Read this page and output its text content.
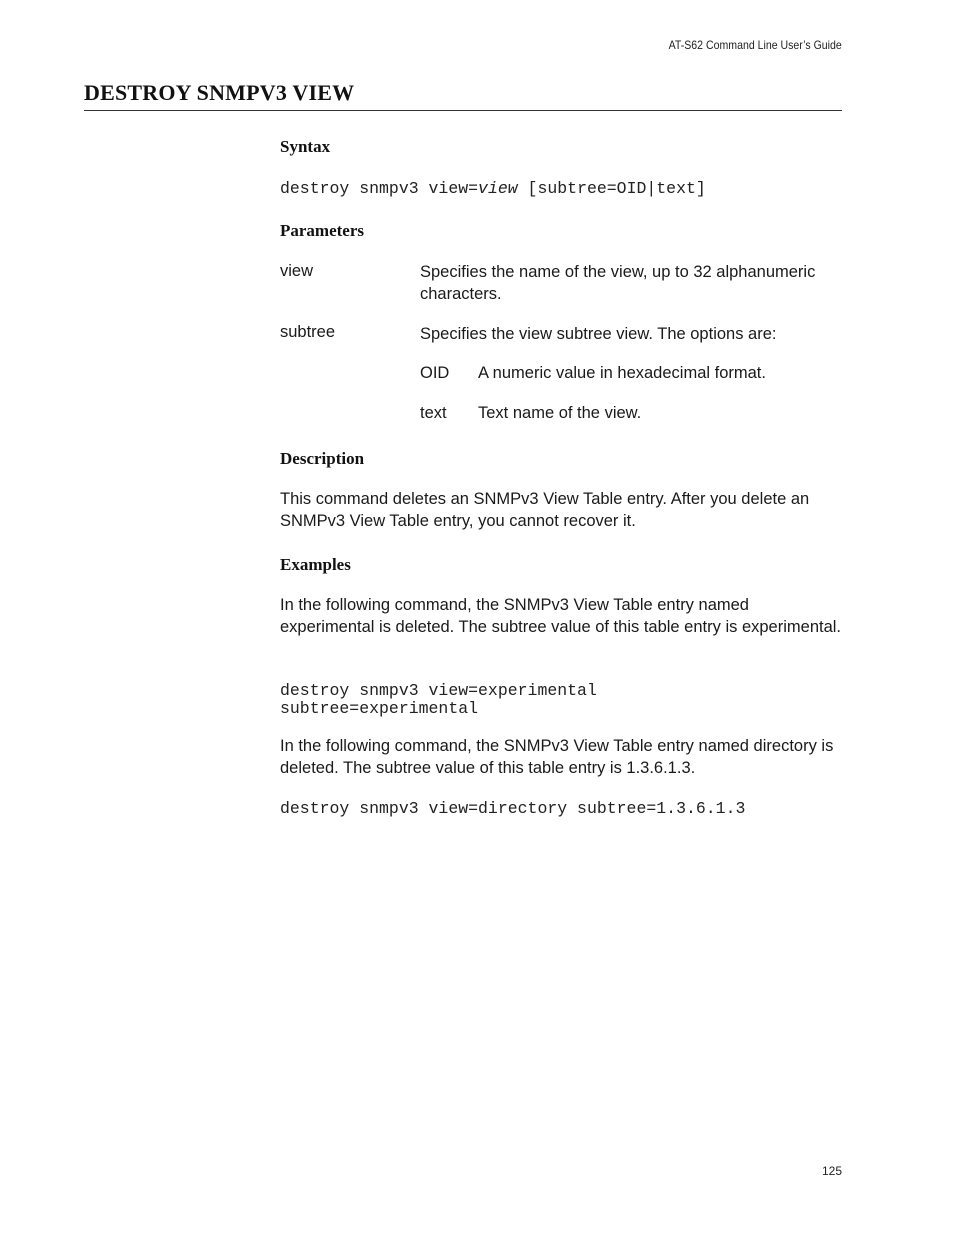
AT-S62 Command Line User’s Guide
DESTROY SNMPV3 VIEW
Syntax
destroy snmpv3 view=view [subtree=OID|text]
Parameters
view	Specifies the name of the view, up to 32 alphanumeric characters.
subtree	Specifies the view subtree view. The options are:
OID A numeric value in hexadecimal format.
text Text name of the view.
Description

This command deletes an SNMPv3 View Table entry. After you delete an SNMPv3 View Table entry, you cannot recover it.

Examples

In the following command, the SNMPv3 View Table entry named experimental is deleted. The subtree value of this table entry is experimental.

destroy snmpv3 view=experimental
subtree=experimental

In the following command, the SNMPv3 View Table entry named directory is deleted. The subtree value of this table entry is 1.3.6.1.3.

destroy snmpv3 view=directory subtree=1.3.6.1.3
125
